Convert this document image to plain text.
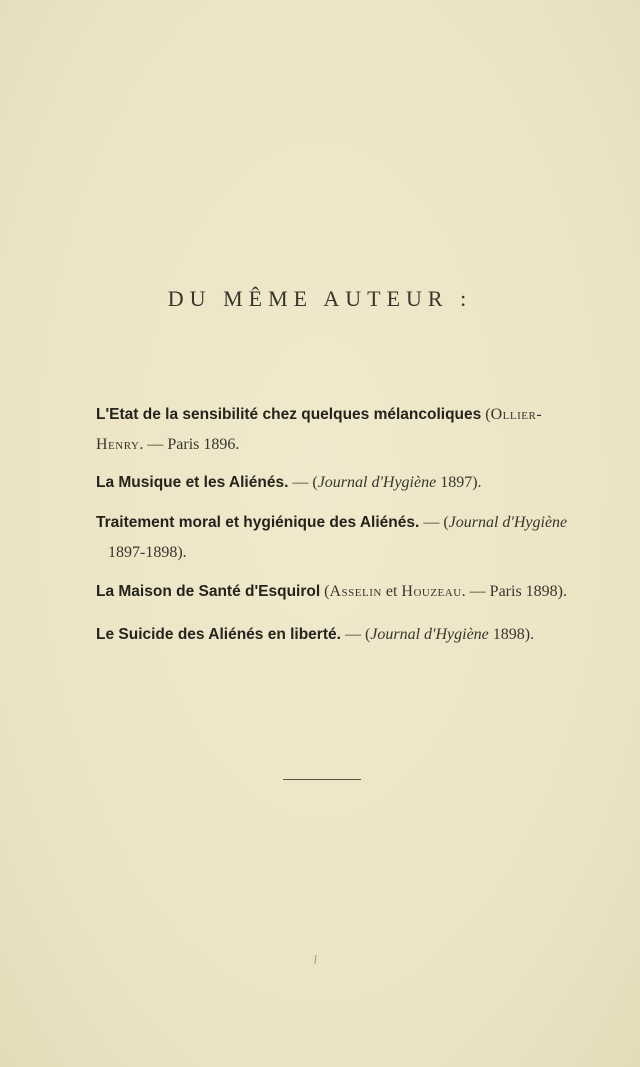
DU MÊME AUTEUR :
L'Etat de la sensibilité chez quelques mélancoliques (Ollier-
Henry. — Paris 1896.
La Musique et les Aliénés. — (Journal d'Hygiène 1897).
Traitement moral et hygiénique des Aliénés. — (Journal d'Hygiène
1897-1898).
La Maison de Santé d'Esquirol (Asselin et Houzeau. — Paris 1898).
Le Suicide des Aliénés en liberté. — (Journal d'Hygiène 1898).
